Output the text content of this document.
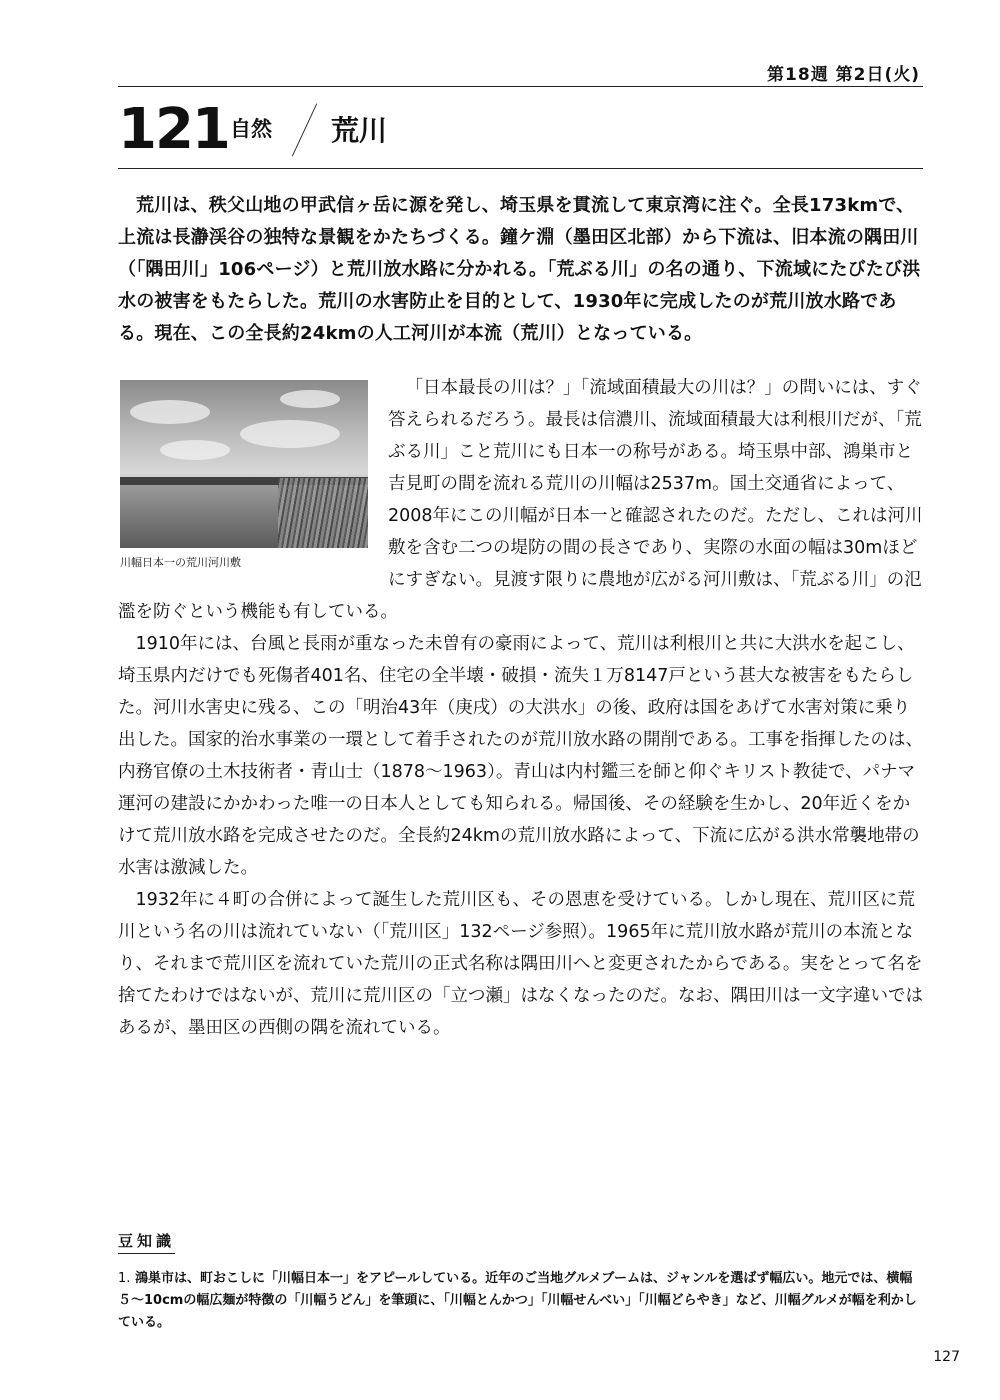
第18週 第2日(火)
121 自然 荒川

荒川は、秩父山地の甲武信ヶ岳に源を発し、埼玉県を貫流して東京湾に注ぐ。全長173kmで、上流は長瀞渓谷の独特な景観をかたちづくる。鐘ケ淵（墨田区北部）から下流は、旧本流の隅田川（「隅田川」106ページ）と荒川放水路に分かれる。「荒ぶる川」の名の通り、下流域にたびたび洪水の被害をもたらした。荒川の水害防止を目的として、1930年に完成したのが荒川放水路である。現在、この全長約24kmの人工河川が本流（荒川）となっている。

川幅日本一の荒川河川敷

「日本最長の川は？」「流域面積最大の川は？」の問いには、すぐ答えられるだろう。最長は信濃川、流域面積最大は利根川だが、「荒ぶる川」こと荒川にも日本一の称号がある。埼玉県中部、鴻巣市と吉見町の間を流れる荒川の川幅は2537m。国土交通省によって、2008年にこの川幅が日本一と確認されたのだ。ただし、これは河川敷を含む二つの堤防の間の長さであり、実際の水面の幅は30mほどにすぎない。見渡す限りに農地が広がる河川敷は、「荒ぶる川」の氾濫を防ぐという機能も有している。

1910年には、台風と長雨が重なった未曽有の豪雨によって、荒川は利根川と共に大洪水を起こし、埼玉県内だけでも死傷者401名、住宅の全半壊・破損・流失１万8147戸という甚大な被害をもたらした。河川水害史に残る、この「明治43年（庚戌）の大洪水」の後、政府は国をあげて水害対策に乗り出した。国家的治水事業の一環として着手されたのが荒川放水路の開削である。工事を指揮したのは、内務官僚の土木技術者・青山士（1878〜1963）。青山は内村鑑三を師と仰ぐキリスト教徒で、パナマ運河の建設にかかわった唯一の日本人としても知られる。帰国後、その経験を生かし、20年近くをかけて荒川放水路を完成させたのだ。全長約24kmの荒川放水路によって、下流に広がる洪水常襲地帯の水害は激減した。

1932年に４町の合併によって誕生した荒川区も、その恩恵を受けている。しかし現在、荒川区に荒川という名の川は流れていない（「荒川区」132ページ参照）。1965年に荒川放水路が荒川の本流となり、それまで荒川区を流れていた荒川の正式名称は隅田川へと変更されたからである。実をとって名を捨てたわけではないが、荒川に荒川区の「立つ瀬」はなくなったのだ。なお、隅田川は一文字違いではあるが、墨田区の西側の隅を流れている。

豆知識
1. 鴻巣市は、町おこしに「川幅日本一」をアピールしている。近年のご当地グルメブームは、ジャンルを選ばず幅広い。地元では、横幅５〜10cmの幅広麺が特徴の「川幅うどん」を筆頭に、「川幅とんかつ」「川幅せんべい」「川幅どらやき」など、川幅グルメが幅を利かしている。
127
